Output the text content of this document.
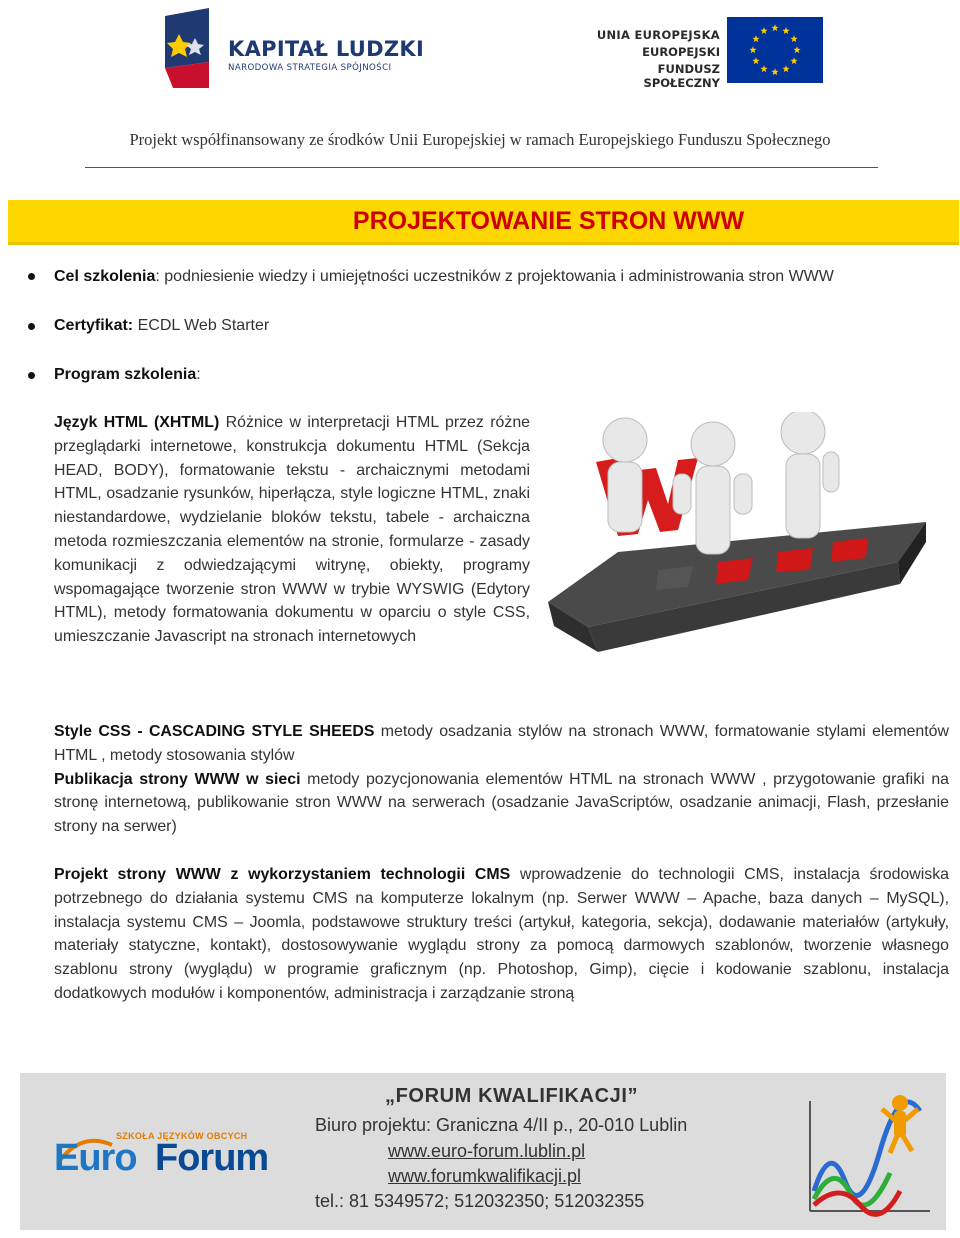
KAPITAŁ LUDZKI
NARODOWA STRATEGIA SPÓJNOŚCI
UNIA EUROPEJSKA
EUROPEJSKI
FUNDUSZ SPOŁECZNY
Projekt współfinansowany ze środków Unii Europejskiej w ramach Europejskiego Funduszu Społecznego
PROJEKTOWANIE STRON WWW
Cel szkolenia: podniesienie wiedzy i umiejętności uczestników z projektowania i administrowania stron WWW
Certyfikat: ECDL Web Starter
Program szkolenia:
Język HTML (XHTML) Różnice w interpretacji HTML przez różne przeglądarki internetowe, konstrukcja dokumentu HTML (Sekcja HEAD, BODY), formatowanie tekstu - archaicznymi metodami HTML, osadzanie rysunków, hiperłącza, style logiczne HTML, znaki niestandardowe, wydzielanie bloków tekstu, tabele - archaiczna metoda rozmieszczania elementów na stronie, formularze - zasady komunikacji z odwiedzającymi witrynę, obiekty, programy wspomagające tworzenie stron WWW w trybie WYSWIG (Edytory HTML), metody formatowania dokumentu w oparciu o style CSS, umieszczanie Javascript na stronach internetowych
Style CSS - CASCADING STYLE SHEEDS metody osadzania stylów na stronach WWW, formatowanie stylami elementów HTML , metody stosowania stylów
Publikacja strony WWW w sieci metody pozycjonowania elementów HTML na stronach WWW , przygotowanie grafiki na stronę internetową, publikowanie stron WWW na serwerach (osadzanie JavaScriptów, osadzanie animacji, Flash, przesłanie strony na serwer)
Projekt strony WWW z wykorzystaniem technologii CMS wprowadzenie do technologii CMS, instalacja środowiska potrzebnego do działania systemu CMS na komputerze lokalnym (np. Serwer WWW – Apache, baza danych – MySQL), instalacja systemu CMS – Joomla, podstawowe struktury treści (artykuł, kategoria, sekcja), dodawanie materiałów (artykuły, materiały statyczne, kontakt), dostosowywanie wyglądu strony za pomocą darmowych szablonów, tworzenie własnego szablonu strony (wyglądu) w programie graficznym (np. Photoshop, Gimp), cięcie i kodowanie szablonu, instalacja dodatkowych modułów i komponentów, administracja i zarządzanie stroną
SZKOŁA JĘZYKÓW OBCYCH
Euro Forum
„FORUM KWALIFIKACJI”
Biuro projektu: Graniczna 4/II p., 20-010 Lublin
www.euro-forum.lublin.pl
www.forumkwalifikacji.pl
tel.: 81 5349572; 512032350; 512032355
